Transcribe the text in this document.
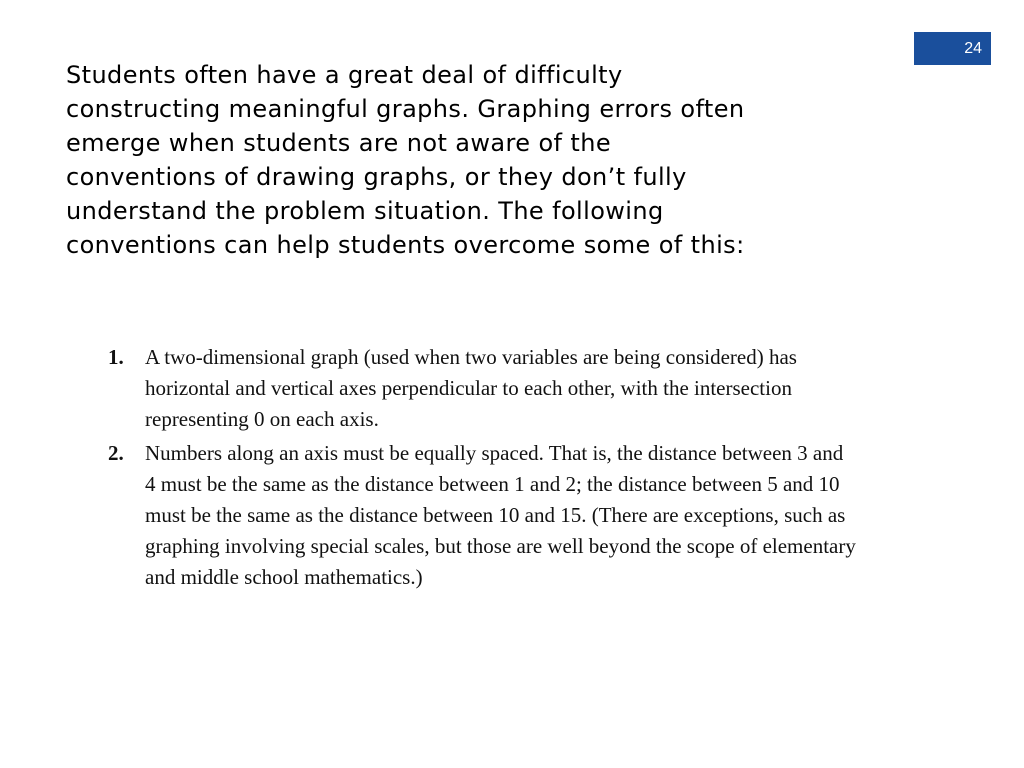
24
Students often have a great deal of difficulty
constructing meaningful graphs. Graphing errors often
emerge when students are not aware of the
conventions of drawing graphs, or they don’t fully
understand the problem situation. The following
conventions can help students overcome some of this:
1. A two-dimensional graph (used when two variables are being considered) has
horizontal and vertical axes perpendicular to each other, with the intersection
representing 0 on each axis.
2. Numbers along an axis must be equally spaced. That is, the distance between 3 and
4 must be the same as the distance between 1 and 2; the distance between 5 and 10
must be the same as the distance between 10 and 15. (There are exceptions, such as
graphing involving special scales, but those are well beyond the scope of elementary
and middle school mathematics.)
